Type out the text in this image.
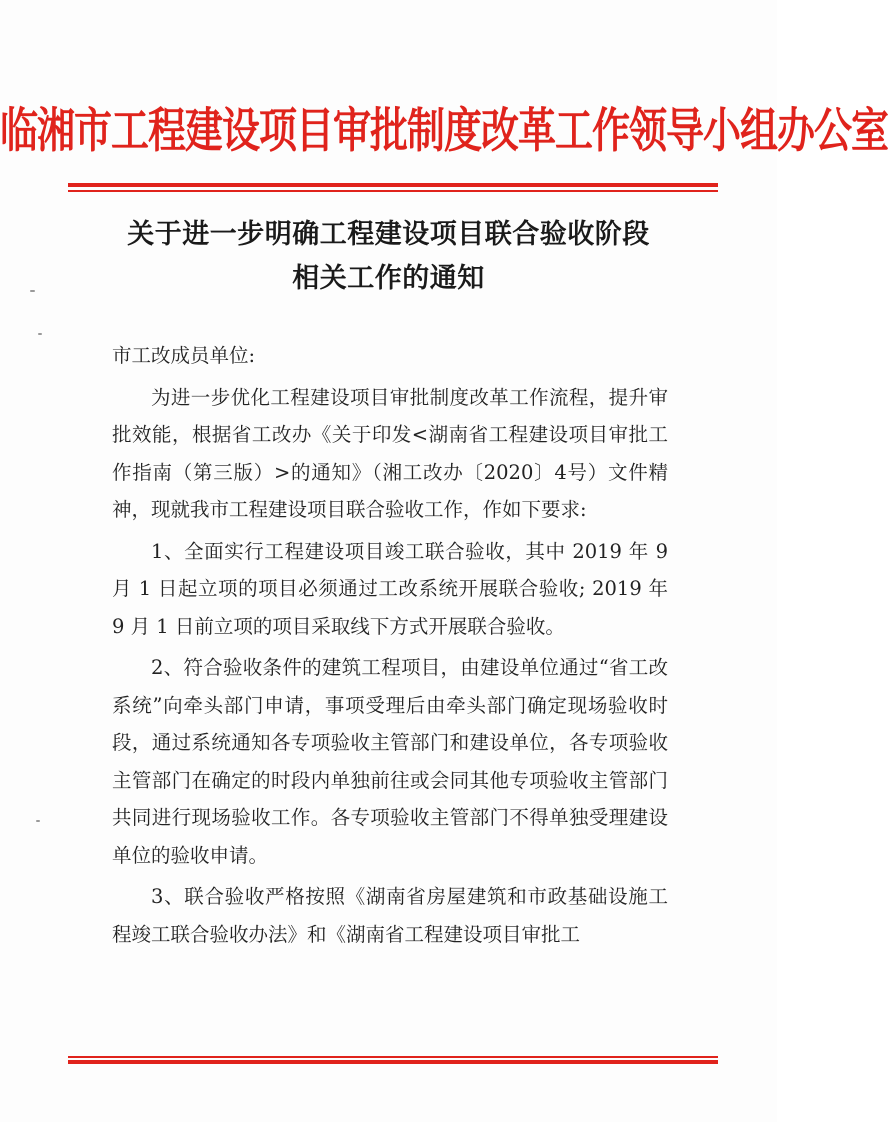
临湘市工程建设项目审批制度改革工作领导小组办公室
关于进一步明确工程建设项目联合验收阶段
相关工作的通知

市工改成员单位:

为进一步优化工程建设项目审批制度改革工作流程，提升审批效能，根据省工改办《关于印发<湖南省工程建设项目审批工作指南（第三版）>的通知》（湘工改办〔2020〕4号）文件精神，现就我市工程建设项目联合验收工作，作如下要求:

1、全面实行工程建设项目竣工联合验收，其中 2019 年 9 月 1 日起立项的项目必须通过工改系统开展联合验收; 2019 年 9 月 1 日前立项的项目采取线下方式开展联合验收。

2、符合验收条件的建筑工程项目，由建设单位通过“省工改系统”向牵头部门申请，事项受理后由牵头部门确定现场验收时段，通过系统通知各专项验收主管部门和建设单位，各专项验收主管部门在确定的时段内单独前往或会同其他专项验收主管部门共同进行现场验收工作。各专项验收主管部门不得单独受理建设单位的验收申请。

3、联合验收严格按照《湖南省房屋建筑和市政基础设施工程竣工联合验收办法》和《湖南省工程建设项目审批工
